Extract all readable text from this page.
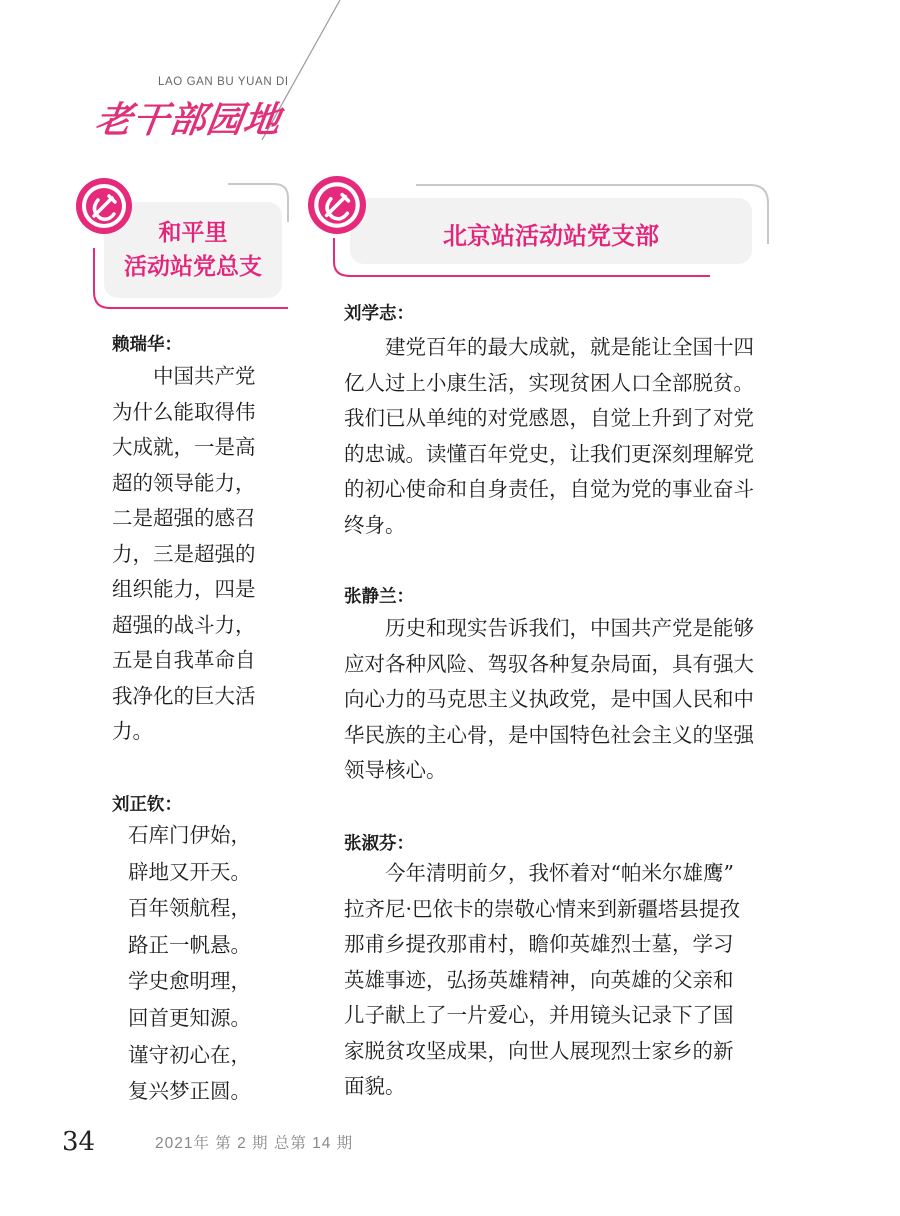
LAO GAN BU YUAN DI
老干部园地
和平里
活动站党总支
北京站活动站党支部
赖瑞华：
　　中国共产党
为什么能取得伟
大成就，一是高
超的领导能力，
二是超强的感召
力，三是超强的
组织能力，四是
超强的战斗力，
五是自我革命自
我净化的巨大活
力。
刘正钦：
石库门伊始，
辟地又开天。
百年领航程，
路正一帆悬。
学史愈明理，
回首更知源。
谨守初心在，
复兴梦正圆。
刘学志：
　　建党百年的最大成就，就是能让全国十四
亿人过上小康生活，实现贫困人口全部脱贫。
我们已从单纯的对党感恩，自觉上升到了对党
的忠诚。读懂百年党史，让我们更深刻理解党
的初心使命和自身责任，自觉为党的事业奋斗
终身。
张静兰：
　　历史和现实告诉我们，中国共产党是能够
应对各种风险、驾驭各种复杂局面，具有强大
向心力的马克思主义执政党，是中国人民和中
华民族的主心骨，是中国特色社会主义的坚强
领导核心。
张淑芬：
　　今年清明前夕，我怀着对“帕米尔雄鹰”
拉齐尼·巴依卡的崇敬心情来到新疆塔县提孜
那甫乡提孜那甫村，瞻仰英雄烈士墓，学习
英雄事迹，弘扬英雄精神，向英雄的父亲和
儿子献上了一片爱心，并用镜头记录下了国
家脱贫攻坚成果，向世人展现烈士家乡的新
面貌。
34	2021年 第 2 期 总第 14 期
